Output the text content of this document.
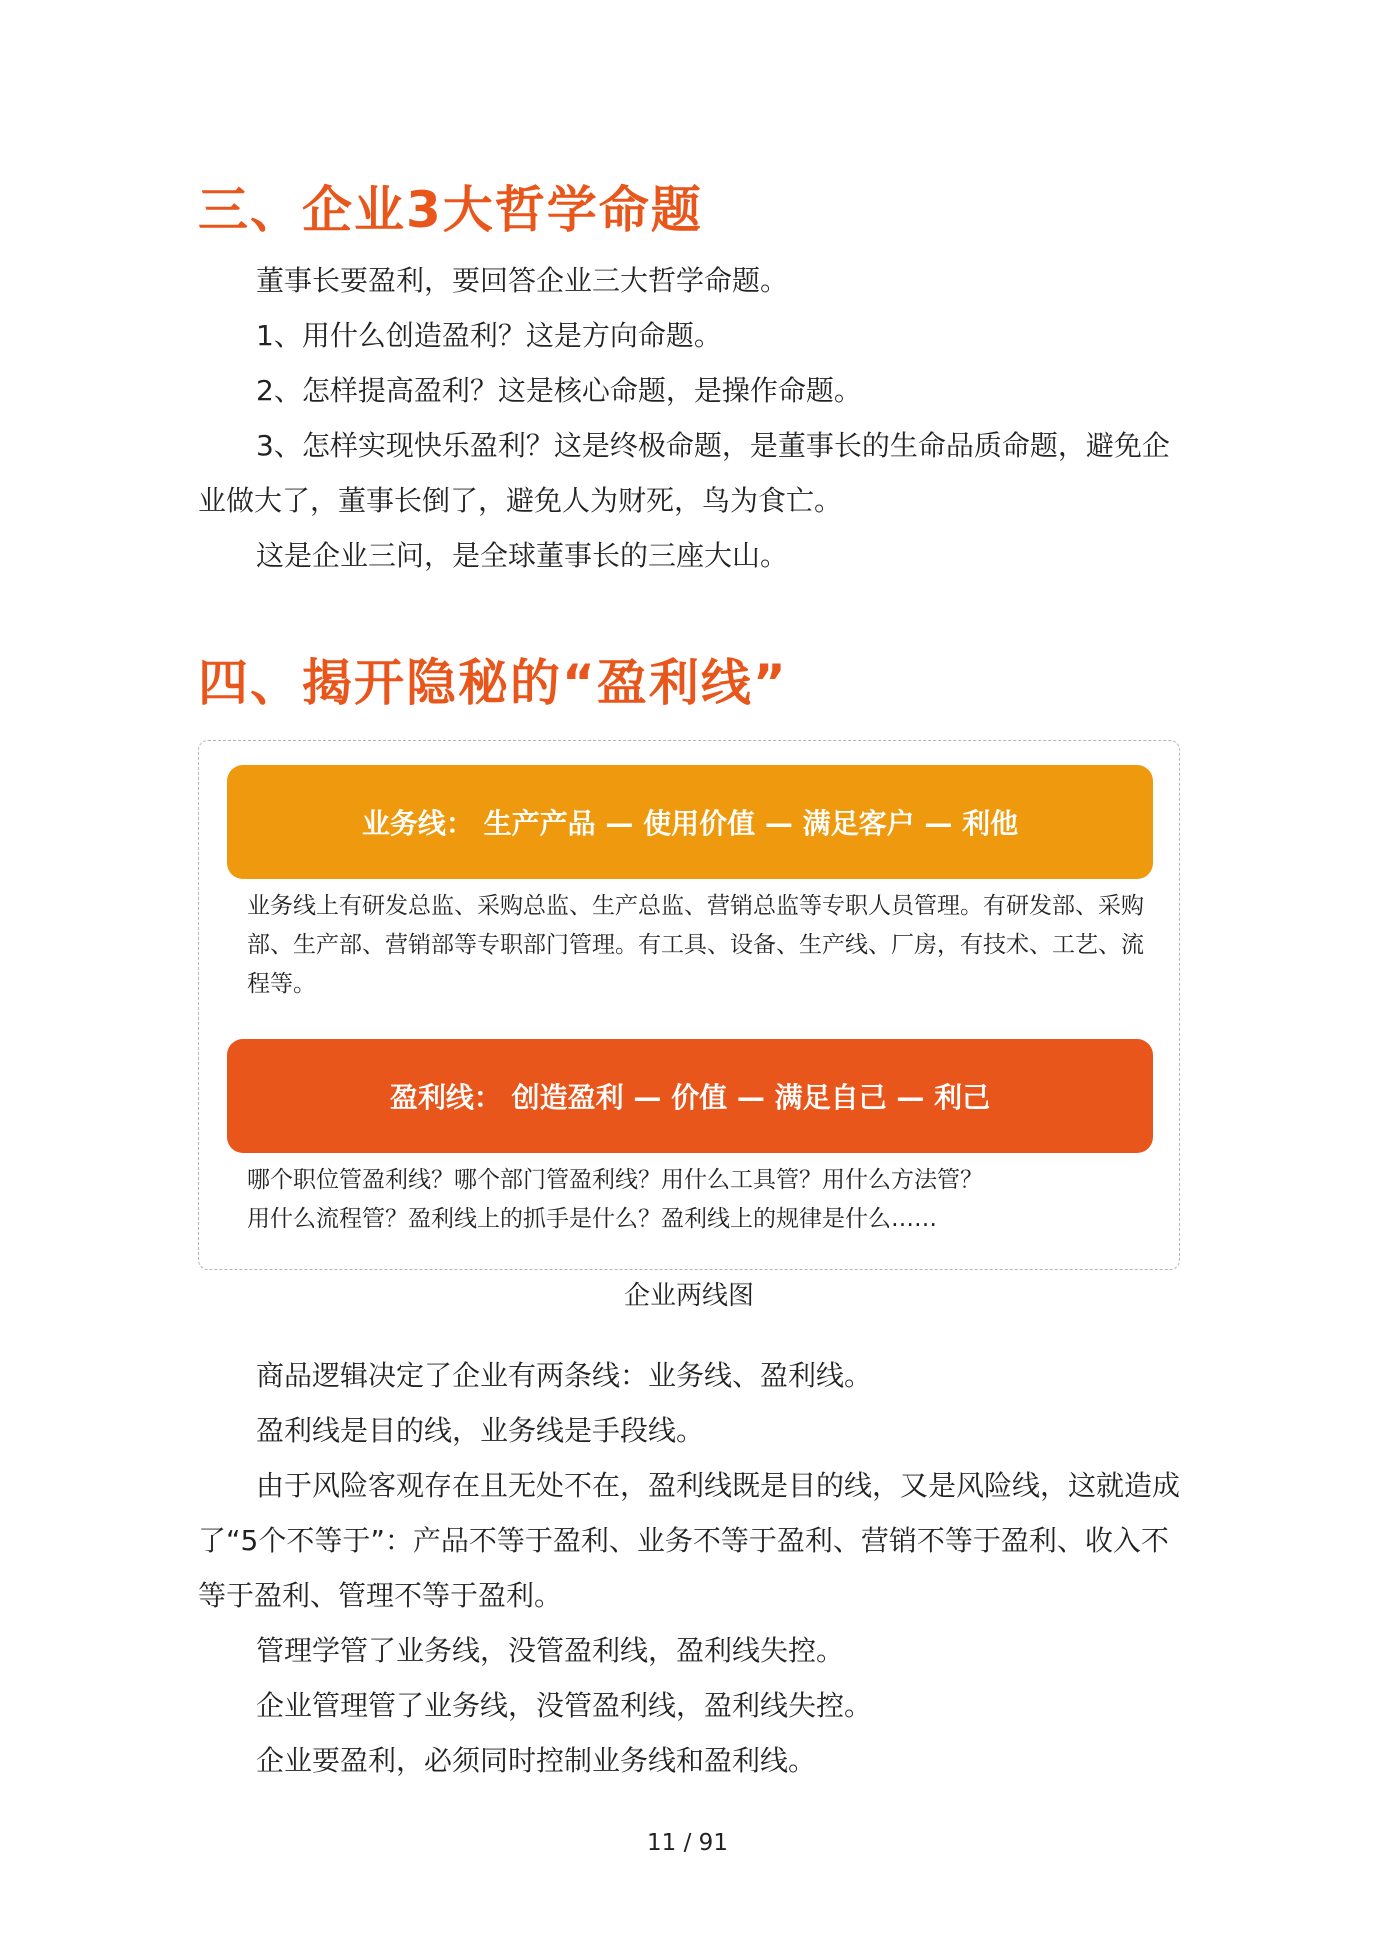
三、企业3大哲学命题
董事长要盈利，要回答企业三大哲学命题。
1、用什么创造盈利？这是方向命题。
2、怎样提高盈利？这是核心命题，是操作命题。
3、怎样实现快乐盈利？这是终极命题，是董事长的生命品质命题，避免企业做大了，董事长倒了，避免人为财死，鸟为食亡。
这是企业三问，是全球董事长的三座大山。
四、揭开隐秘的“盈利线”
业务线： 生产产品 — 使用价值 — 满足客户 — 利他

业务线上有研发总监、采购总监、生产总监、营销总监等专职人员管理。有研发部、采购部、生产部、营销部等专职部门管理。有工具、设备、生产线、厂房，有技术、工艺、流程等。

盈利线： 创造盈利 — 价值 — 满足自己 — 利己

哪个职位管盈利线？哪个部门管盈利线？用什么工具管？用什么方法管？
用什么流程管？盈利线上的抓手是什么？盈利线上的规律是什么……

企业两线图
商品逻辑决定了企业有两条线：业务线、盈利线。
盈利线是目的线，业务线是手段线。
由于风险客观存在且无处不在，盈利线既是目的线，又是风险线，这就造成了“5个不等于”：产品不等于盈利、业务不等于盈利、营销不等于盈利、收入不等于盈利、管理不等于盈利。
管理学管了业务线，没管盈利线，盈利线失控。
企业管理管了业务线，没管盈利线，盈利线失控。
企业要盈利，必须同时控制业务线和盈利线。
11 / 91
